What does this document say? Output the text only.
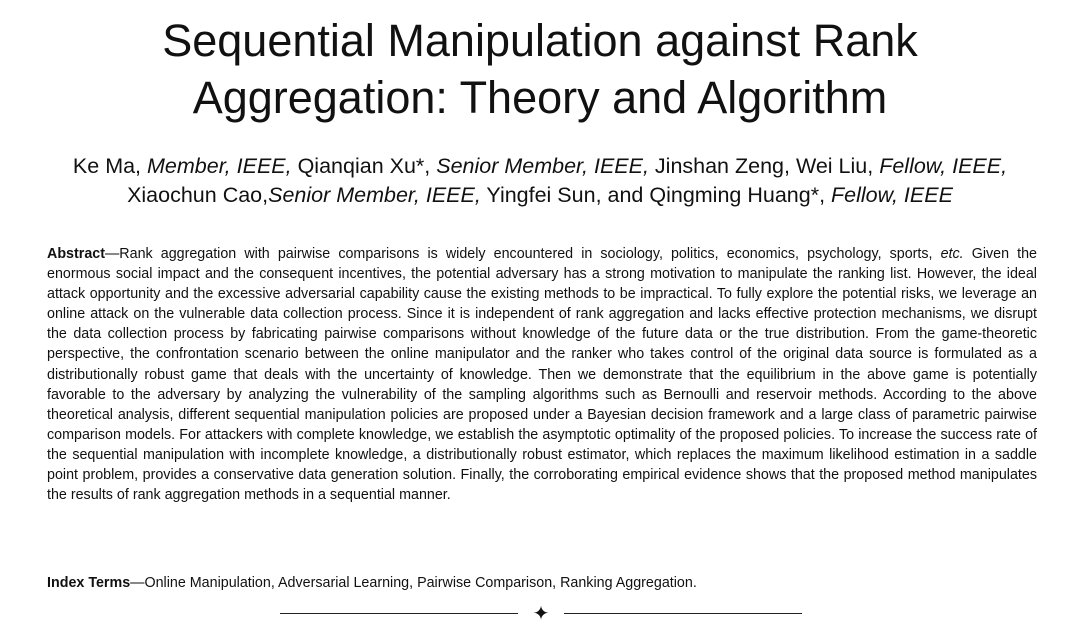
Sequential Manipulation against Rank
Aggregation: Theory and Algorithm
Ke Ma, Member, IEEE, Qianqian Xu*, Senior Member, IEEE, Jinshan Zeng, Wei Liu, Fellow, IEEE,
Xiaochun Cao,Senior Member, IEEE, Yingfei Sun, and Qingming Huang*, Fellow, IEEE
Abstract—Rank aggregation with pairwise comparisons is widely encountered in sociology, politics, economics, psychology, sports, etc. Given the enormous social impact and the consequent incentives, the potential adversary has a strong motivation to manipulate the ranking list. However, the ideal attack opportunity and the excessive adversarial capability cause the existing methods to be impractical. To fully explore the potential risks, we leverage an online attack on the vulnerable data collection process. Since it is independent of rank aggregation and lacks effective protection mechanisms, we disrupt the data collection process by fabricating pairwise comparisons without knowledge of the future data or the true distribution. From the game-theoretic perspective, the confrontation scenario between the online manipulator and the ranker who takes control of the original data source is formulated as a distributionally robust game that deals with the uncertainty of knowledge. Then we demonstrate that the equilibrium in the above game is potentially favorable to the adversary by analyzing the vulnerability of the sampling algorithms such as Bernoulli and reservoir methods. According to the above theoretical analysis, different sequential manipulation policies are proposed under a Bayesian decision framework and a large class of parametric pairwise comparison models. For attackers with complete knowledge, we establish the asymptotic optimality of the proposed policies. To increase the success rate of the sequential manipulation with incomplete knowledge, a distributionally robust estimator, which replaces the maximum likelihood estimation in a saddle point problem, provides a conservative data generation solution. Finally, the corroborating empirical evidence shows that the proposed method manipulates the results of rank aggregation methods in a sequential manner.
Index Terms—Online Manipulation, Adversarial Learning, Pairwise Comparison, Ranking Aggregation.
✦
